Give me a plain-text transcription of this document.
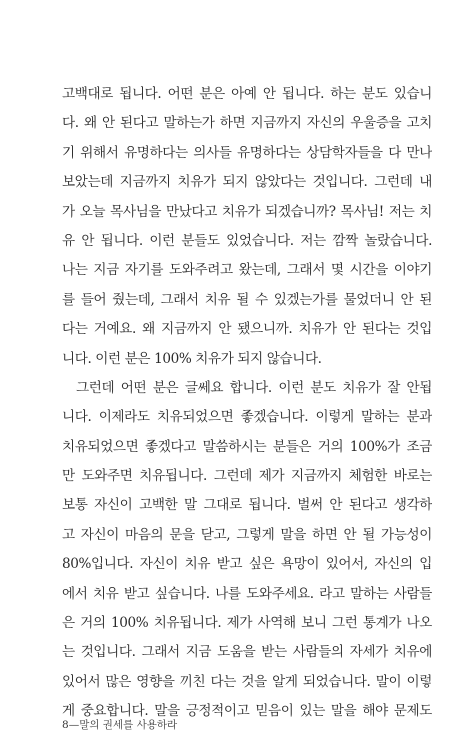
고백대로 됩니다. 어떤 분은 아예 안 됩니다. 하는 분도 있습니
다. 왜 안 된다고 말하는가 하면 지금까지 자신의 우울증을 고치
기 위해서 유명하다는 의사들 유명하다는 상담학자들을 다 만나
보았는데 지금까지 치유가 되지 않았다는 것입니다. 그런데 내
가 오늘 목사님을 만났다고 치유가 되겠습니까? 목사님! 저는 치
유 안 됩니다. 이런 분들도 있었습니다. 저는 깜짝 놀랐습니다.
나는 지금 자기를 도와주려고 왔는데, 그래서 몇 시간을 이야기
를 들어 줬는데, 그래서 치유 될 수 있겠는가를 물었더니 안 된
다는 거예요. 왜 지금까지 안 됐으니까. 치유가 안 된다는 것입
니다. 이런 분은 100% 치유가 되지 않습니다.
그런데 어떤 분은 글쎄요 합니다. 이런 분도 치유가 잘 안됩
니다. 이제라도 치유되었으면 좋겠습니다. 이렇게 말하는 분과
치유되었으면 좋겠다고 말씀하시는 분들은 거의 100%가 조금
만 도와주면 치유됩니다. 그런데 제가 지금까지 체험한 바로는
보통 자신이 고백한 말 그대로 됩니다. 벌써 안 된다고 생각하
고 자신이 마음의 문을 닫고, 그렇게 말을 하면 안 될 가능성이
80%입니다. 자신이 치유 받고 싶은 욕망이 있어서, 자신의 입
에서 치유 받고 싶습니다. 나를 도와주세요. 라고 말하는 사람들
은 거의 100% 치유됩니다. 제가 사역해 보니 그런 통계가 나오
는 것입니다. 그래서 지금 도움을 받는 사람들의 자세가 치유에
있어서 많은 영향을 끼친 다는 것을 알게 되었습니다. 말이 이렇
게 중요합니다. 말을 긍정적이고 믿음이 있는 말을 해야 문제도
8—말의 권세를 사용하라
